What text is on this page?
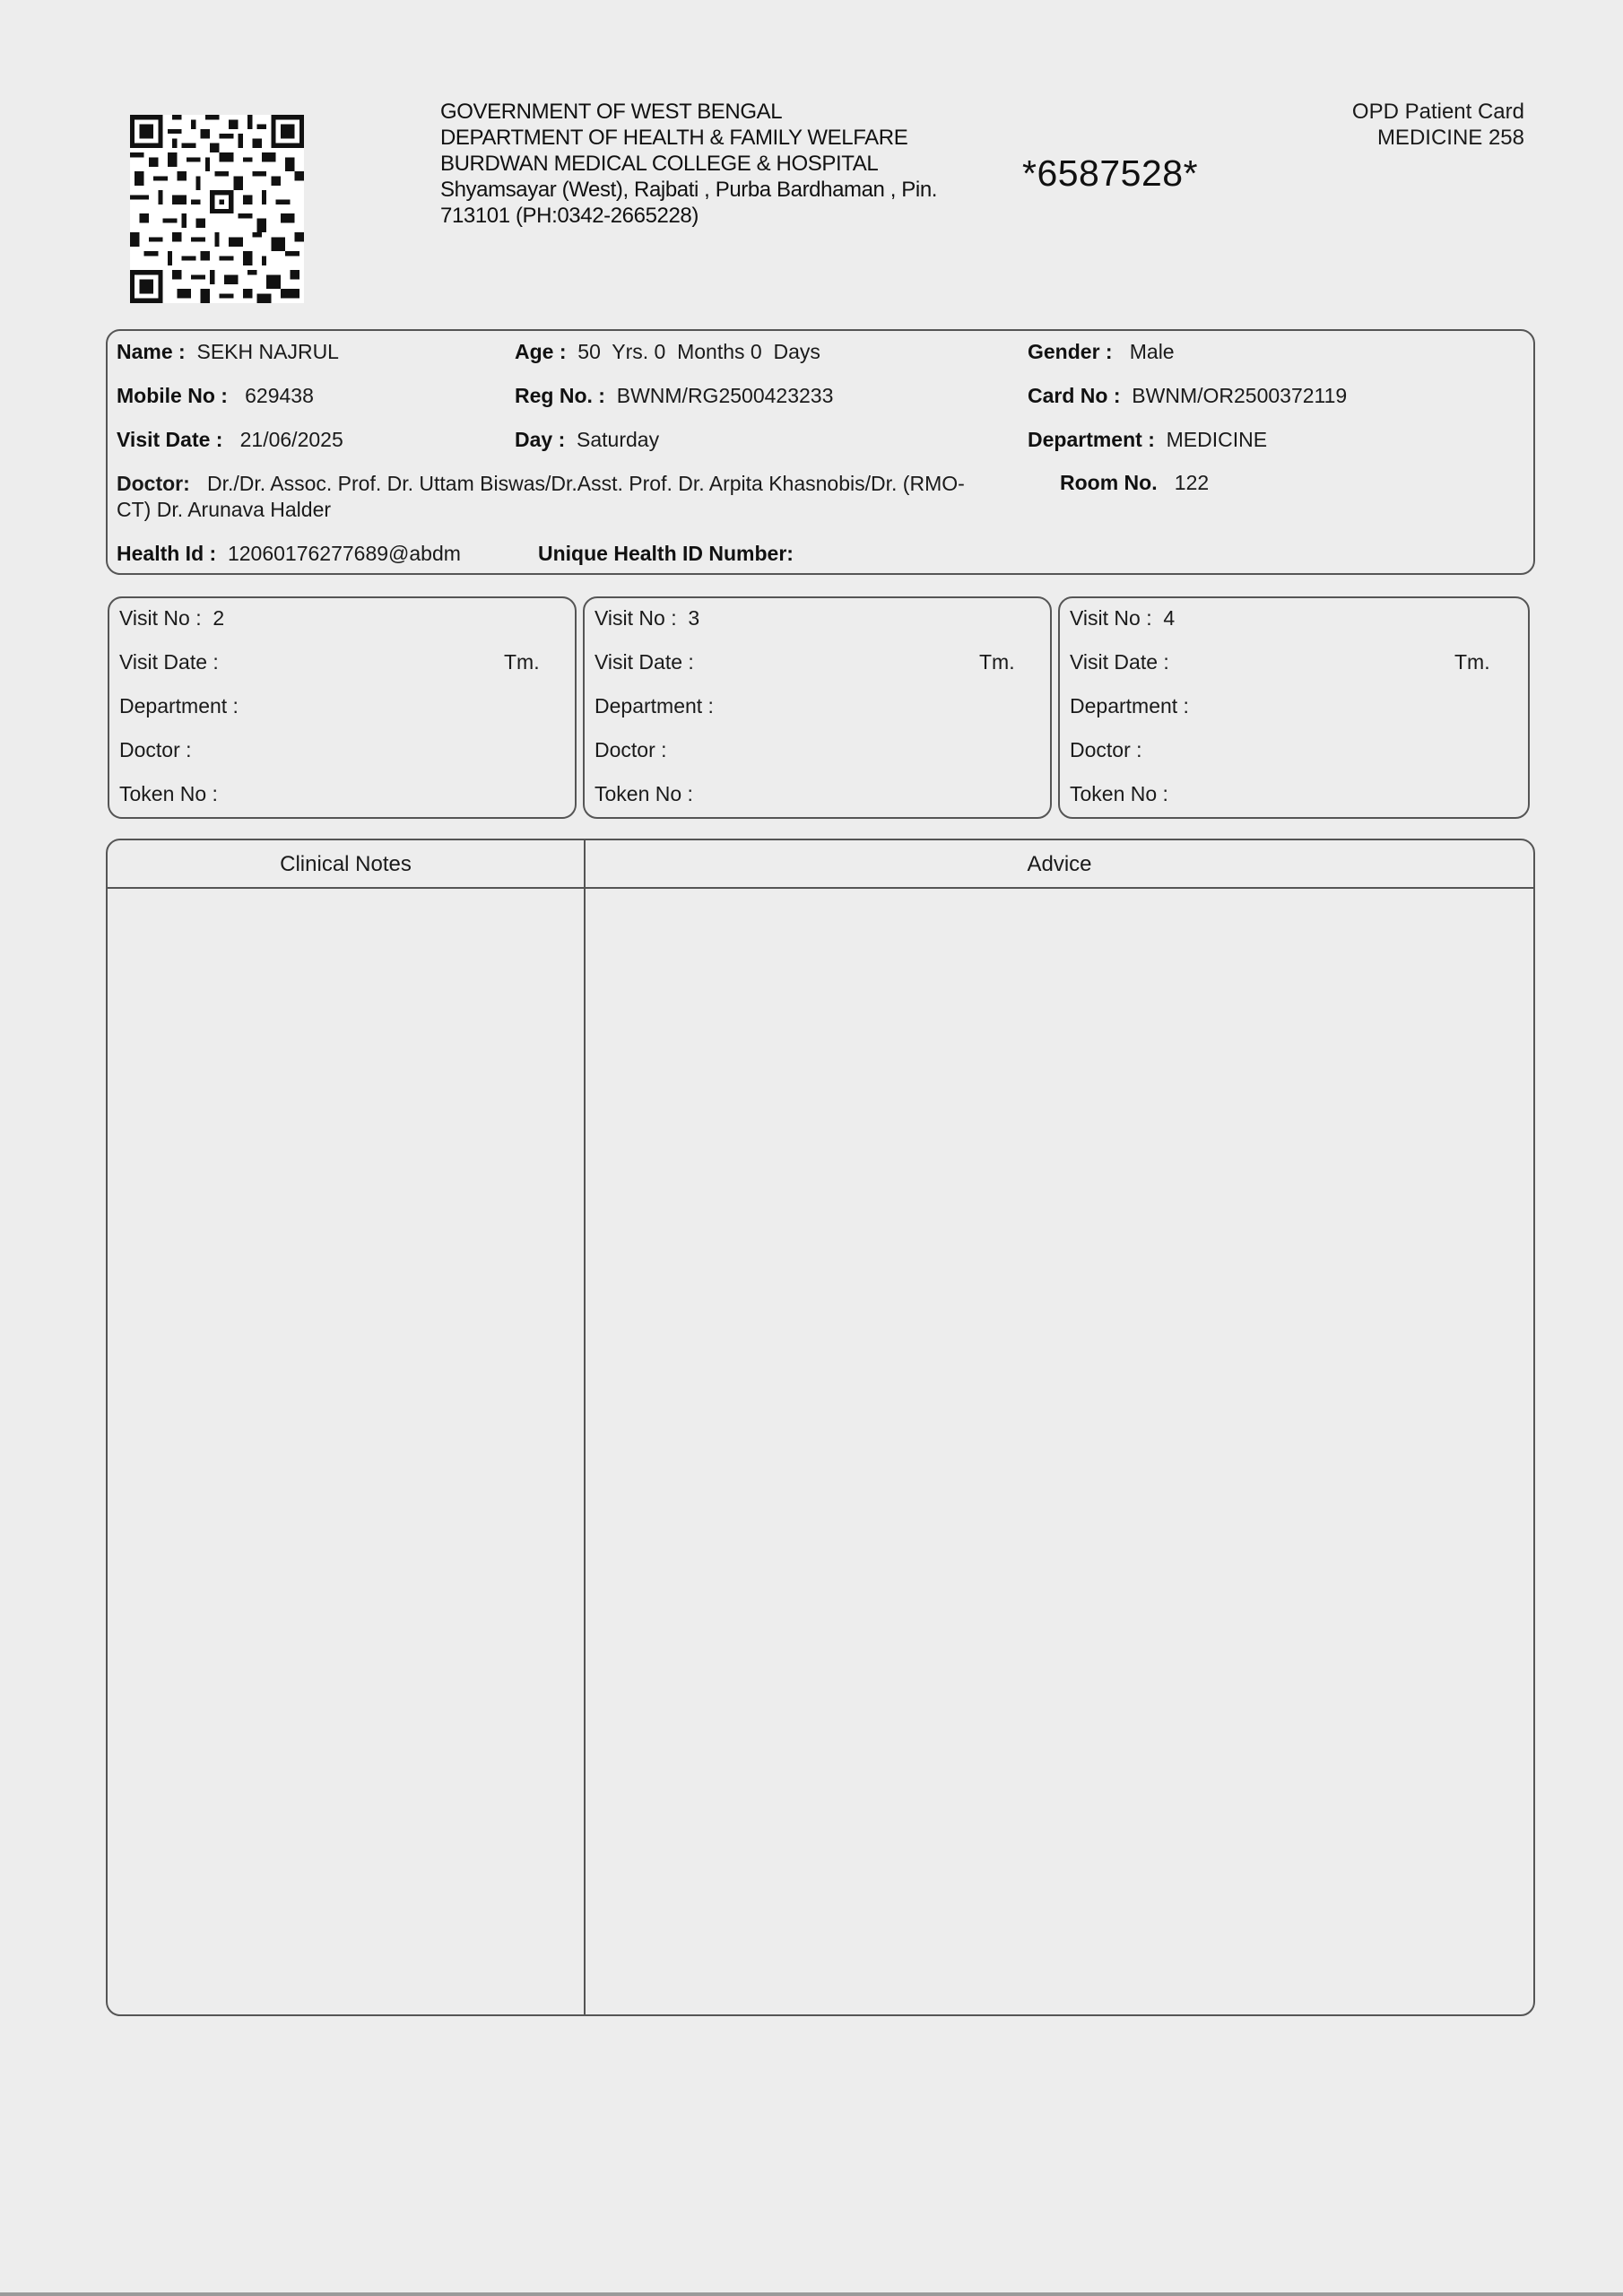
GOVERNMENT OF WEST BENGAL
DEPARTMENT OF HEALTH & FAMILY WELFARE
BURDWAN MEDICAL COLLEGE & HOSPITAL
Shyamsayar (West), Rajbati , Purba Bardhaman , Pin.
713101 (PH:0342-2665228)
*6587528*
OPD Patient Card
MEDICINE 258
Name : SEKH NAJRUL	Age : 50  Yrs. 0  Months 0  Days	Gender : Male
Mobile No : 629438	Reg No. : BWNM/RG2500423233	Card No : BWNM/OR2500372119
Visit Date : 21/06/2025	Day : Saturday	Department : MEDICINE
Doctor: Dr./Dr. Assoc. Prof. Dr. Uttam Biswas/Dr.Asst. Prof. Dr. Arpita Khasnobis/Dr. (RMO-
CT) Dr. Arunava Halder
Room No. 122
Health Id : 12060176277689@abdm	Unique Health ID Number:
Visit No : 2
Visit Date :	Tm.
Department :
Doctor :
Token No :
Visit No : 3
Visit Date :	Tm.
Department :
Doctor :
Token No :
Visit No : 4
Visit Date :	Tm.
Department :
Doctor :
Token No :
Clinical Notes	Advice
